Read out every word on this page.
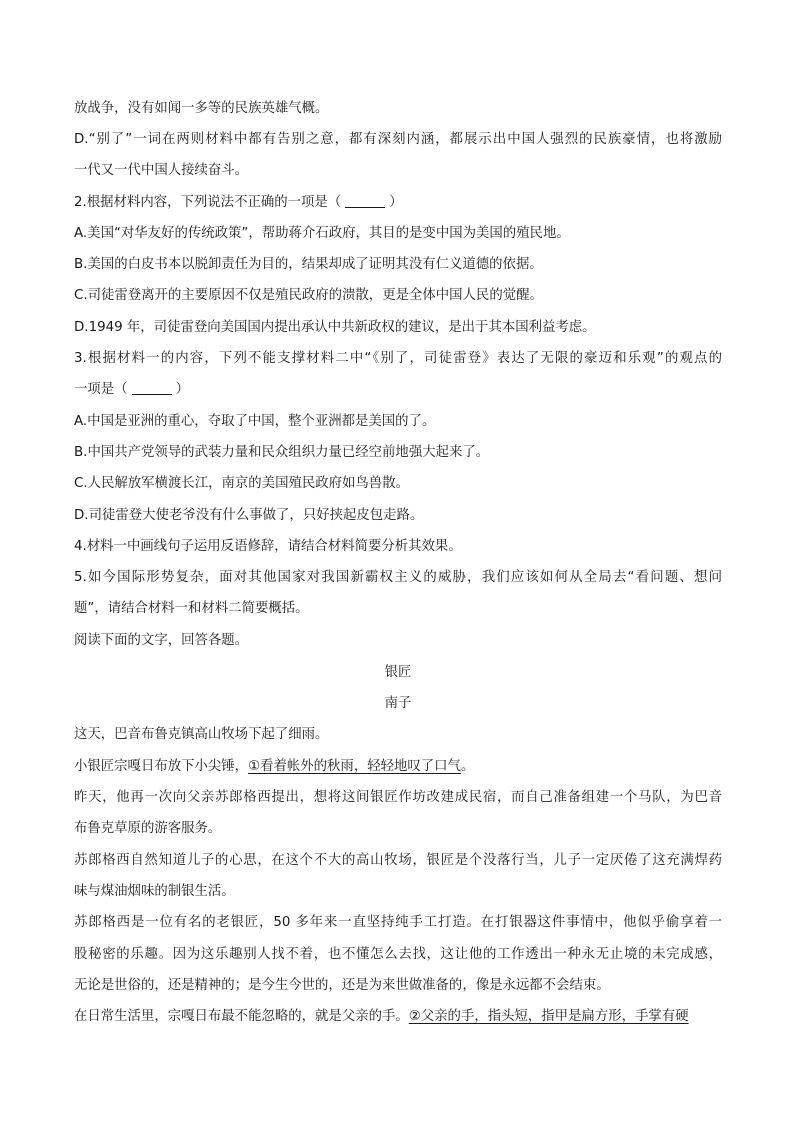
放战争，没有如闻一多等的民族英雄气概。
D.“别了”一词在两则材料中都有告别之意，都有深刻内涵，都展示出中国人强烈的民族豪情，也将激励
一代又一代中国人接续奋斗。
2.根据材料内容，下列说法不正确的一项是（	）
A.美国“对华友好的传统政策”，帮助蒋介石政府，其目的是变中国为美国的殖民地。
B.美国的白皮书本以脱卸责任为目的，结果却成了证明其没有仁义道德的依据。
C.司徒雷登离开的主要原因不仅是殖民政府的溃散，更是全体中国人民的觉醒。
D.1949 年，司徒雷登向美国国内提出承认中共新政权的建议，是出于其本国利益考虑。
3.根据材料一的内容，下列不能支撑材料二中“《别了，司徒雷登》表达了无限的豪迈和乐观”的观点的
一项是（	）
A.中国是亚洲的重心，夺取了中国，整个亚洲都是美国的了。
B.中国共产党领导的武装力量和民众组织力量已经空前地强大起来了。
C.人民解放军横渡长江，南京的美国殖民政府如鸟兽散。
D.司徒雷登大使老爷没有什么事做了，只好挟起皮包走路。
4.材料一中画线句子运用反语修辞，请结合材料简要分析其效果。
5.如今国际形势复杂，面对其他国家对我国新霸权主义的威胁，我们应该如何从全局去“看问题、想问
题”，请结合材料一和材料二简要概括。
阅读下面的文字，回答各题。
银匠
南子
这天，巴音布鲁克镇高山牧场下起了细雨。
小银匠宗嘎日布放下小尖锤，①看着帐外的秋雨，轻轻地叹了口气。
昨天，他再一次向父亲苏郎格西提出，想将这间银匠作坊改建成民宿，而自己准备组建一个马队，为巴音
布鲁克草原的游客服务。
苏郎格西自然知道儿子的心思，在这个不大的高山牧场，银匠是个没落行当，儿子一定厌倦了这充满焊药
味与煤油烟味的制银生活。
苏郎格西是一位有名的老银匠，50 多年来一直坚持纯手工打造。在打银器这件事情中，他似乎偷享着一
股秘密的乐趣。因为这乐趣别人找不着，也不懂怎么去找，这让他的工作透出一种永无止境的未完成感，
无论是世俗的，还是精神的；是今生今世的，还是为来世做准备的，像是永远都不会结束。
在日常生活里，宗嘎日布最不能忽略的，就是父亲的手。②父亲的手，指头短，指甲是扁方形，手掌有硬
